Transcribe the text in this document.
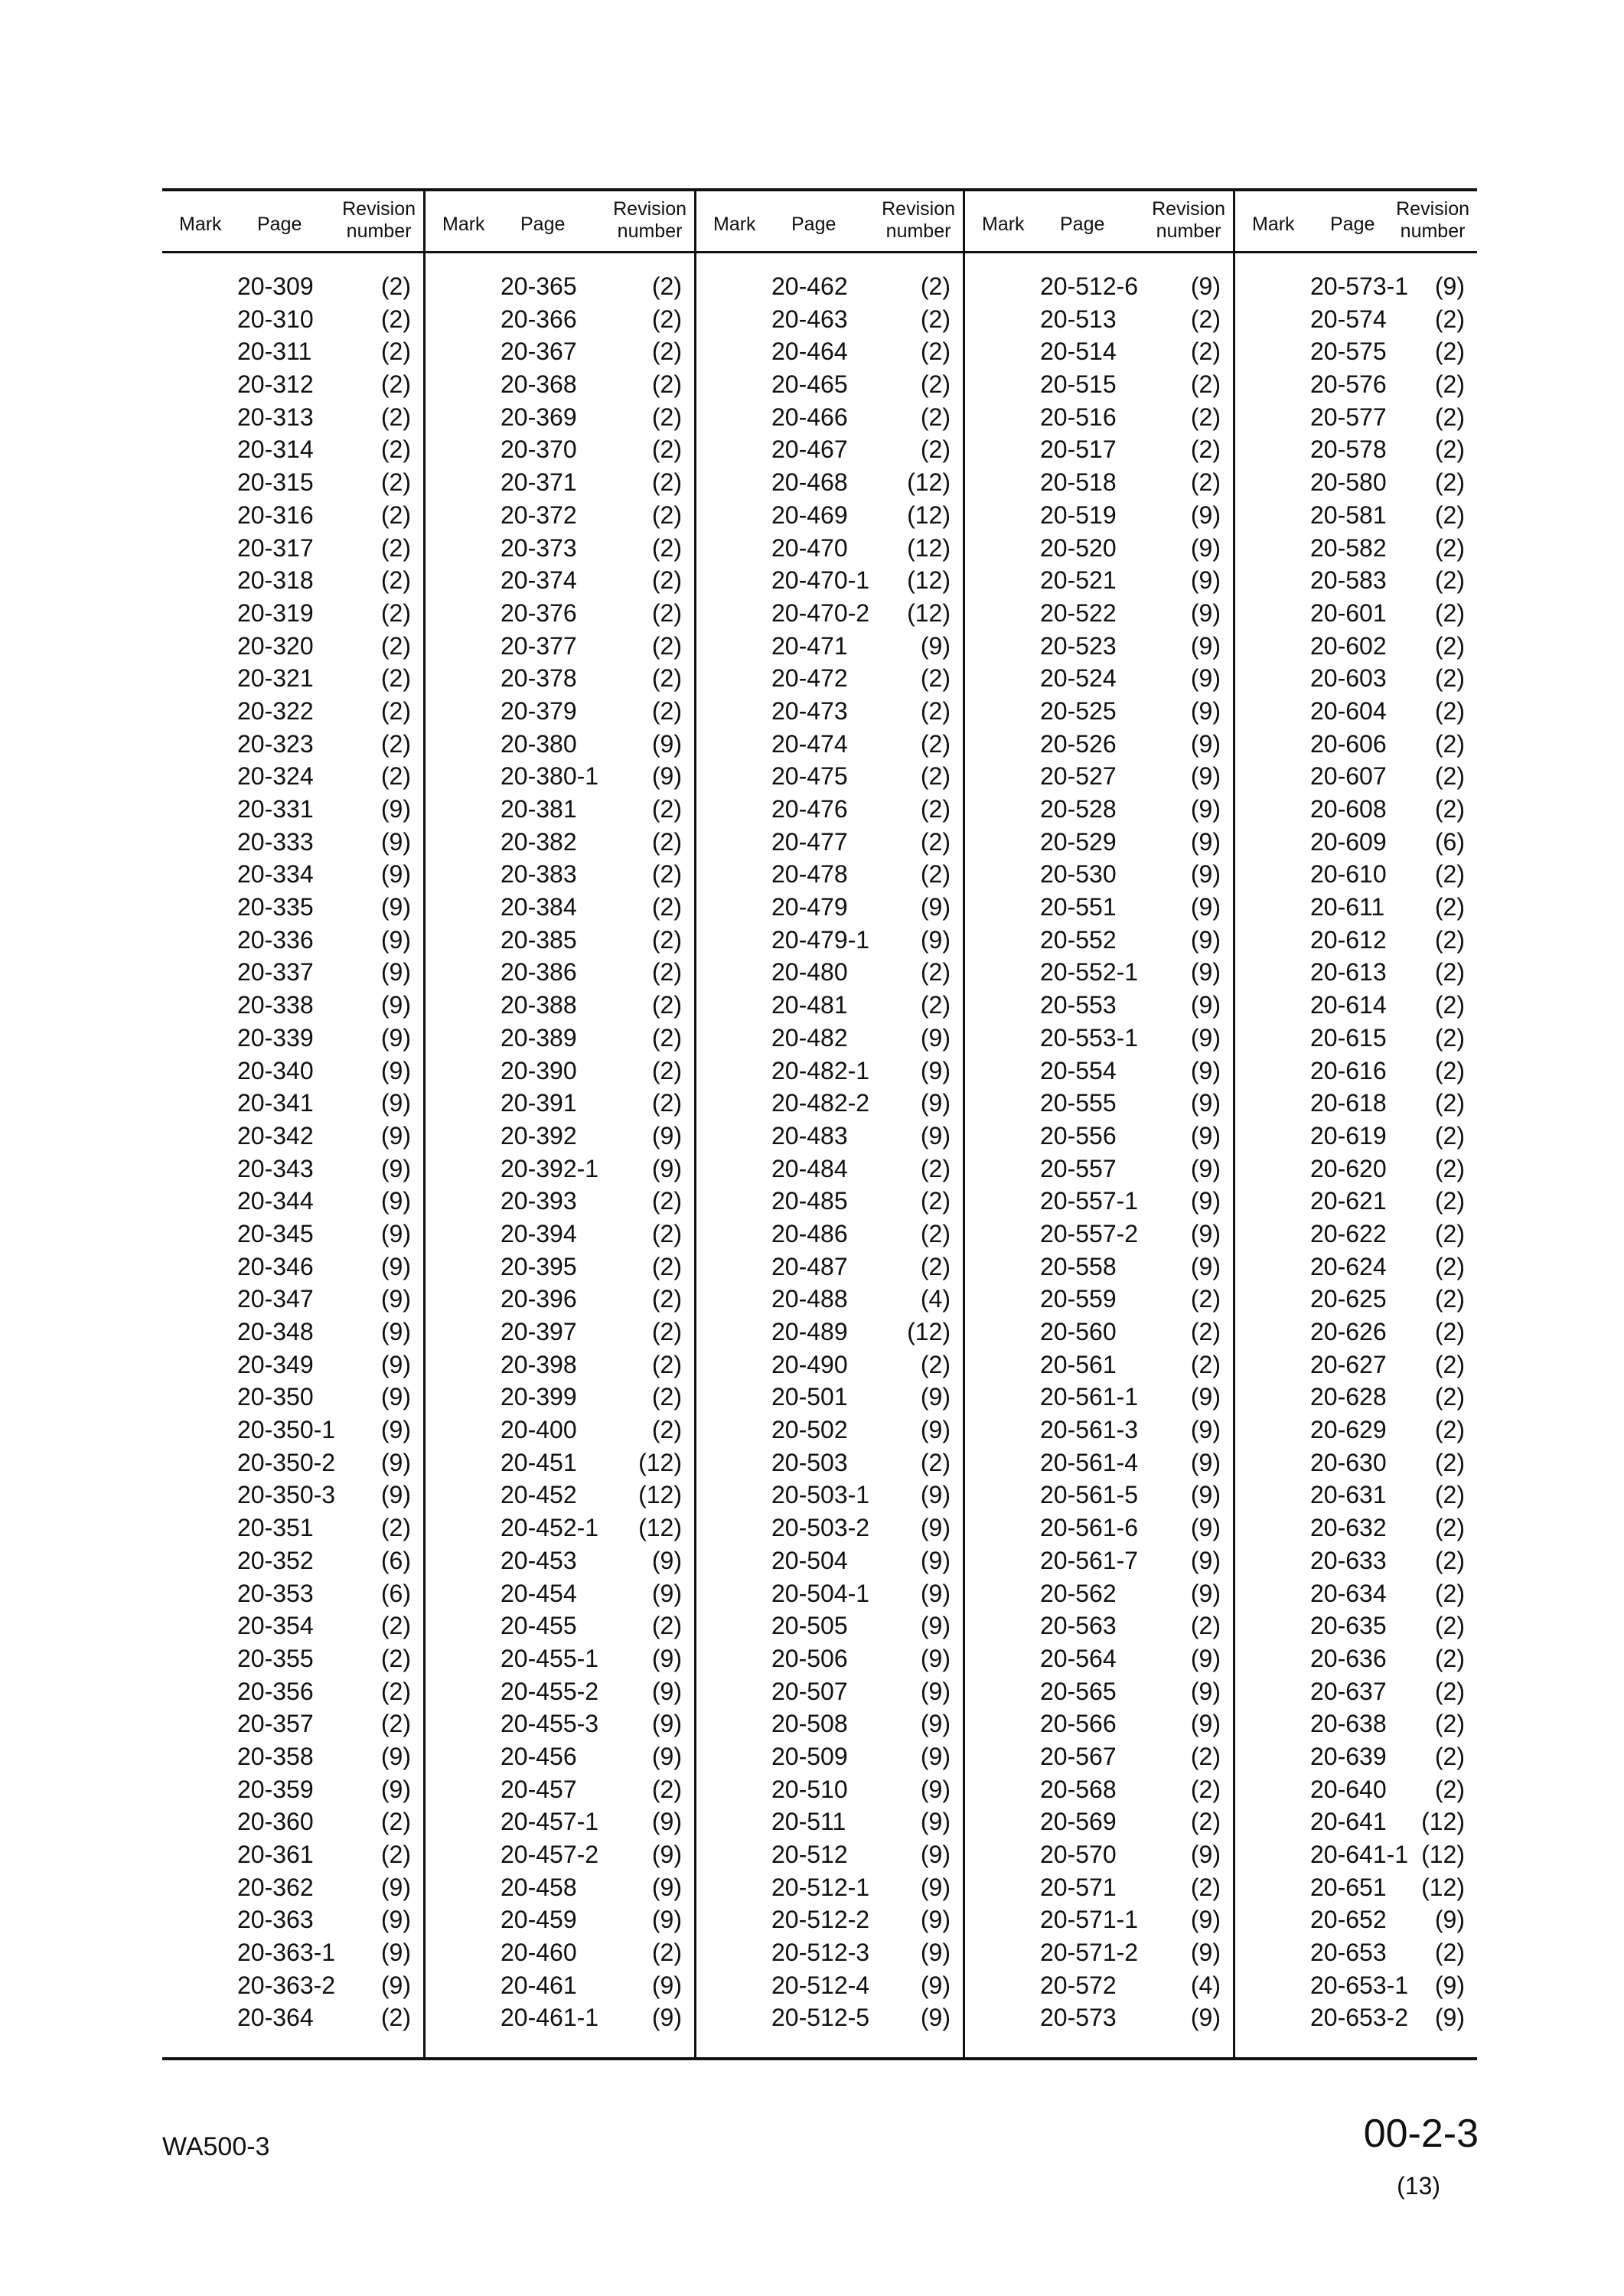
Mark Page
Revision
number
20-309	(2)
20-310	(2)
20-311	(2)
20-312	(2)
20-313	(2)
20-314	(2)
20-315	(2)
20-316	(2)
20-317	(2)
20-318	(2)
20-319	(2)
20-320	(2)
20-321	(2)
20-322	(2)
20-323	(2)
20-324	(2)
20-331	(9)
20-333	(9)
20-334	(9)
20-335	(9)
20-336	(9)
20-337	(9)
20-338	(9)
20-339	(9)
20-340	(9)
20-341	(9)
20-342	(9)
20-343	(9)
20-344	(9)
20-345	(9)
20-346	(9)
20-347	(9)
20-348	(9)
20-349	(9)
20-350	(9)
20-350-1 (9)
20-350-2 (9)
20-350-3 (9)
20-351	(2)
20-352	(6)
20-353	(6)
20-354	(2)
20-355	(2)
20-356	(2)
20-357	(2)
20-358	(9)
20-359	(9)
20-360	(2)
20-361	(2)
20-362	(9)
20-363	(9)
20-363-1 (9)
20-363-2 (9)
20-364	(2)
Mark Page
Revision
number
20-365	(2)
20-366	(2)
20-367	(2)
20-368	(2)
20-369	(2)
20-370	(2)
20-371	(2)
20-372	(2)
20-373	(2)
20-374	(2)
20-376	(2)
20-377	(2)
20-378	(2)
20-379	(2)
20-380	(9)
20-380-1 (9)
20-381	(2)
20-382	(2)
20-383	(2)
20-384	(2)
20-385	(2)
20-386	(2)
20-388	(2)
20-389	(2)
20-390	(2)
20-391	(2)
20-392	(9)
20-392-1 (9)
20-393	(2)
20-394	(2)
20-395	(2)
20-396	(2)
20-397	(2)
20-398	(2)
20-399	(2)
20-400	(2)
20-451	(12)
20-452	(12)
20-452-1 (12)
20-453	(9)
20-454	(9)
20-455	(2)
20-455-1 (9)
20-455-2 (9)
20-455-3 (9)
20-456	(9)
20-457	(2)
20-457-1 (9)
20-457-2 (9)
20-458	(9)
20-459	(9)
20-460	(2)
20-461	(9)
20-461-1 (9)
Mark Page
Revision
number
20-462	(2)
20-463	(2)
20-464	(2)
20-465	(2)
20-466	(2)
20-467	(2)
20-468 (12)
20-469 (12)
20-470 (12)
20-470-1 (12)
20-470-2 (12)
20-471	(9)
20-472	(2)
20-473	(2)
20-474	(2)
20-475	(2)
20-476	(2)
20-477	(2)
20-478	(2)
20-479	(9)
20-479-1 (9)
20-480	(2)
20-481	(2)
20-482	(9)
20-482-1 (9)
20-482-2 (9)
20-483	(9)
20-484	(2)
20-485	(2)
20-486	(2)
20-487	(2)
20-488	(4)
20-489 (12)
20-490	(2)
20-501	(9)
20-502	(9)
20-503	(2)
20-503-1 (9)
20-503-2 (9)
20-504	(9)
20-504-1 (9)
20-505	(9)
20-506	(9)
20-507	(9)
20-508	(9)
20-509	(9)
20-510	(9)
20-511	(9)
20-512	(9)
20-512-1 (9)
20-512-2 (9)
20-512-3 (9)
20-512-4 (9)
20-512-5 (9)
Mark Page
Revision
number
20-512-6 (9)
20-513	(2)
20-514	(2)
20-515	(2)
20-516	(2)
20-517	(2)
20-518	(2)
20-519	(9)
20-520	(9)
20-521	(9)
20-522	(9)
20-523	(9)
20-524	(9)
20-525	(9)
20-526	(9)
20-527	(9)
20-528	(9)
20-529	(9)
20-530	(9)
20-551	(9)
20-552	(9)
20-552-1 (9)
20-553	(9)
20-553-1 (9)
20-554	(9)
20-555	(9)
20-556	(9)
20-557	(9)
20-557-1 (9)
20-557-2 (9)
20-558	(9)
20-559	(2)
20-560	(2)
20-561	(2)
20-561-1 (9)
20-561-3 (9)
20-561-4 (9)
20-561-5 (9)
20-561-6 (9)
20-561-7 (9)
20-562	(9)
20-563	(2)
20-564	(9)
20-565	(9)
20-566	(9)
20-567	(2)
20-568	(2)
20-569	(2)
20-570	(9)
20-571	(2)
20-571-1 (9)
20-571-2 (9)
20-572	(4)
20-573	(9)
Mark Page
Revision
number
20-573-1 (9)
20-574 (2)
20-575 (2)
20-576 (2)
20-577 (2)
20-578 (2)
20-580 (2)
20-581 (2)
20-582 (2)
20-583 (2)
20-601 (2)
20-602 (2)
20-603 (2)
20-604 (2)
20-606 (2)
20-607 (2)
20-608 (2)
20-609 (6)
20-610 (2)
20-611 (2)
20-612 (2)
20-613 (2)
20-614 (2)
20-615 (2)
20-616 (2)
20-618 (2)
20-619 (2)
20-620 (2)
20-621 (2)
20-622 (2)
20-624 (2)
20-625 (2)
20-626 (2)
20-627 (2)
20-628 (2)
20-629 (2)
20-630 (2)
20-631 (2)
20-632 (2)
20-633 (2)
20-634 (2)
20-635 (2)
20-636 (2)
20-637 (2)
20-638 (2)
20-639 (2)
20-640 (2)
20-641 (12)
20-641-1 (12)
20-651 (12)
20-652 (9)
20-653 (2)
20-653-1 (9)
20-653-2 (9)
WA500-3	00-2-3
(13)
